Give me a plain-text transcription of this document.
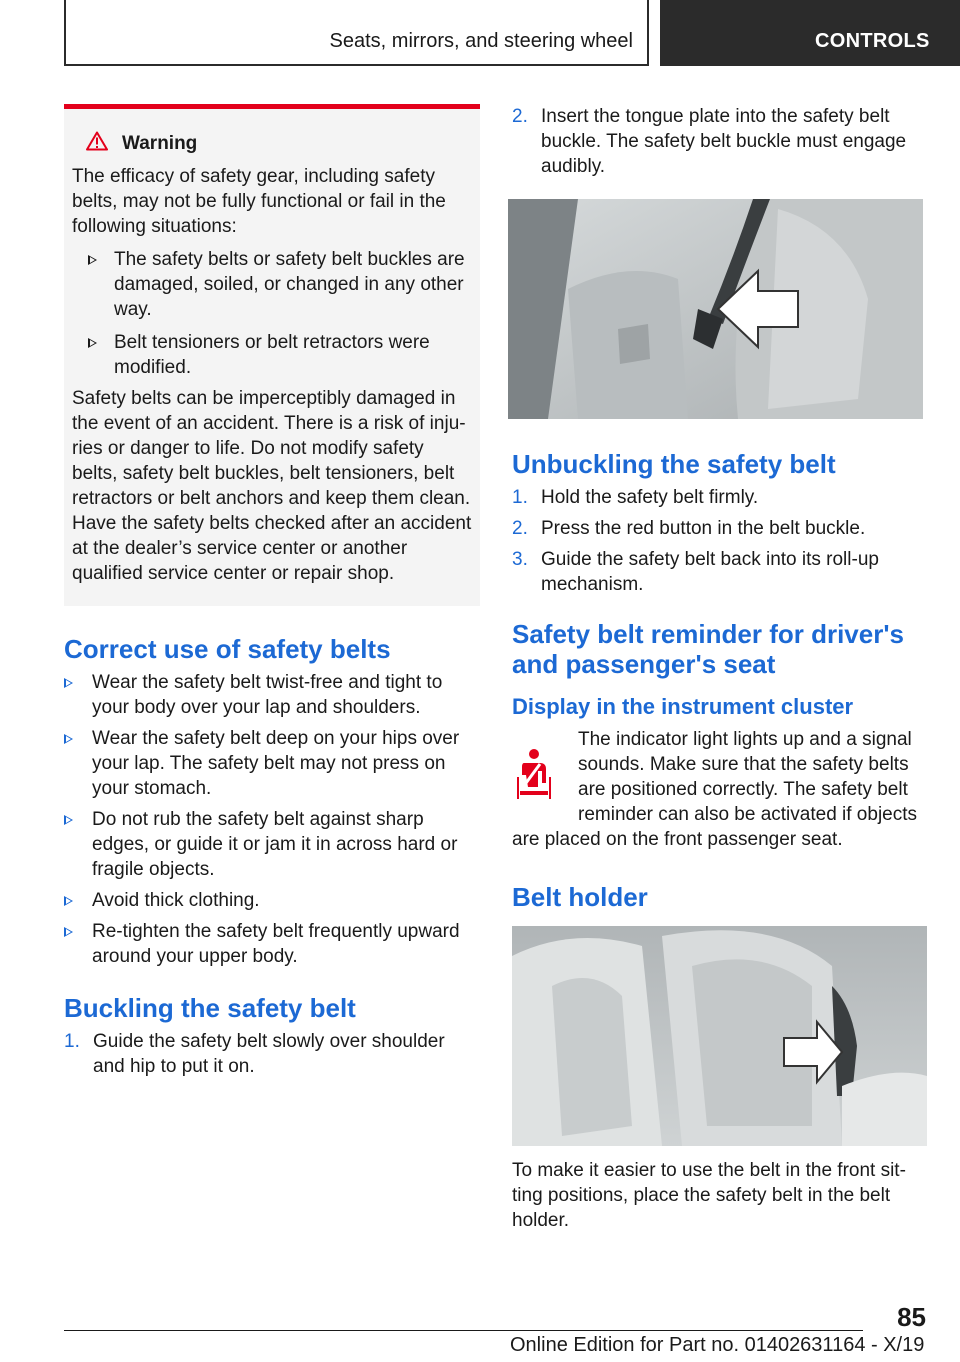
Seats, mirrors, and steering wheel	CONTROLS
Warning
The efficacy of safety gear, including safety belts, may not be fully functional or fail in the following situations:
The safety belts or safety belt buckles are damaged, soiled, or changed in any other way.
Belt tensioners or belt retractors were modified.
Safety belts can be imperceptibly damaged in the event of an accident. There is a risk of injuries or danger to life. Do not modify safety belts, safety belt buckles, belt tensioners, belt retractors or belt anchors and keep them clean. Have the safety belts checked after an accident at the dealer’s service center or another qualified service center or repair shop.
Correct use of safety belts
Wear the safety belt twist-free and tight to your body over your lap and shoulders.
Wear the safety belt deep on your hips over your lap. The safety belt may not press on your stomach.
Do not rub the safety belt against sharp edges, or guide it or jam it in across hard or fragile objects.
Avoid thick clothing.
Re-tighten the safety belt frequently upward around your upper body.
Buckling the safety belt
1. Guide the safety belt slowly over shoulder and hip to put it on.
2. Insert the tongue plate into the safety belt buckle. The safety belt buckle must engage audibly.
Unbuckling the safety belt
1. Hold the safety belt firmly.
2. Press the red button in the belt buckle.
3. Guide the safety belt back into its roll-up mechanism.
Safety belt reminder for driver's and passenger's seat
Display in the instrument cluster
The indicator light lights up and a signal sounds. Make sure that the safety belts are positioned correctly. The safety belt reminder can also be activated if objects are placed on the front passenger seat.
Belt holder
To make it easier to use the belt in the front sitting positions, place the safety belt in the belt holder.
85
Online Edition for Part no. 01402631164 - X/19
